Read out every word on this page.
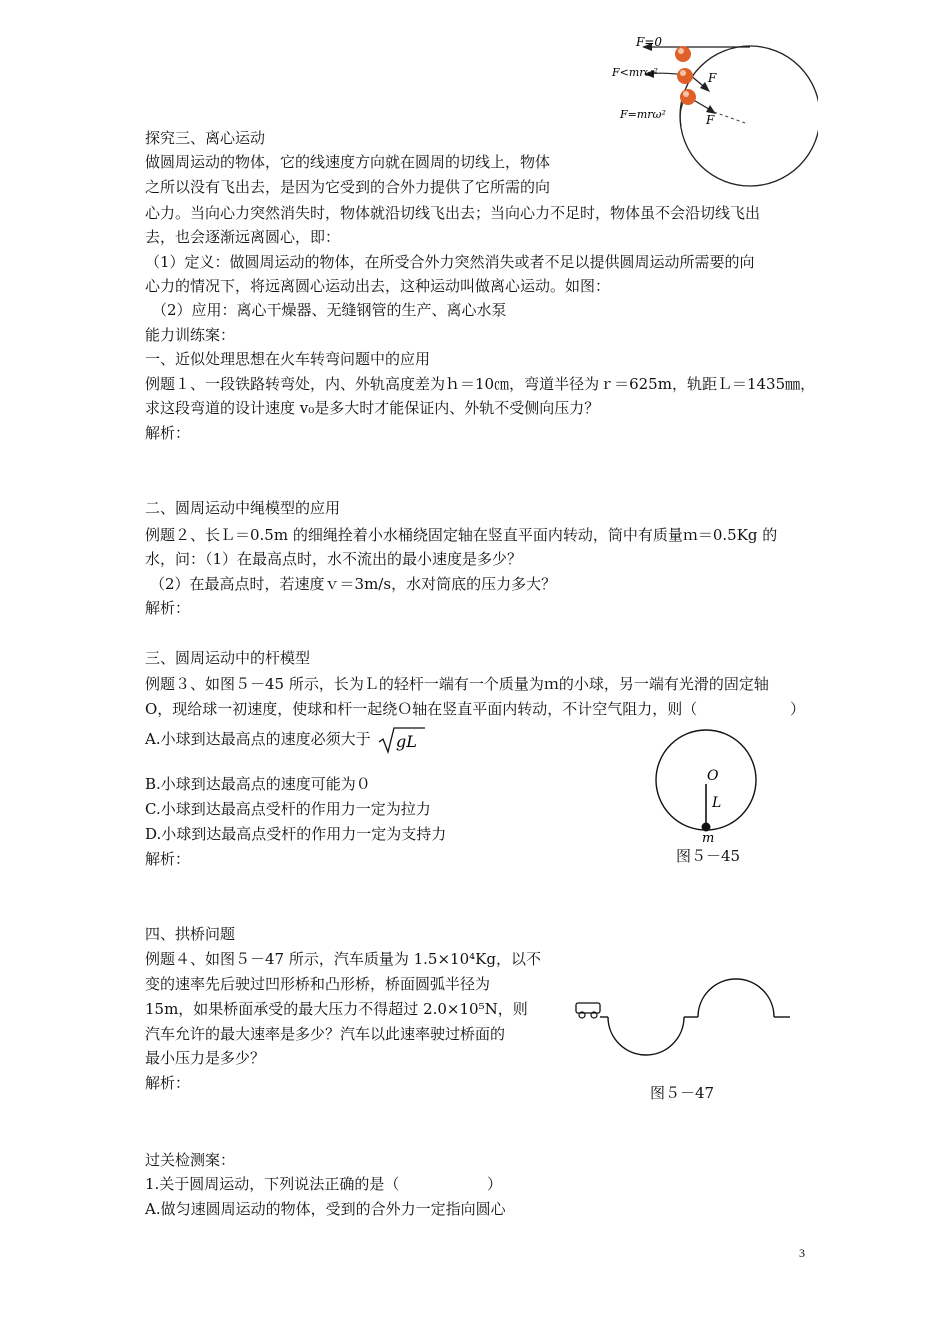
F=0
F<mrω²
F=mrω²
F
F
探究三、离心运动
做圆周运动的物体，它的线速度方向就在圆周的切线上，物体
之所以没有飞出去，是因为它受到的合外力提供了它所需的向
心力。当向心力突然消失时，物体就沿切线飞出去；当向心力不足时，物体虽不会沿切线飞出
去，也会逐渐远离圆心，即：
（1）定义：做圆周运动的物体，在所受合外力突然消失或者不足以提供圆周运动所需要的向
心力的情况下，将远离圆心运动出去，这种运动叫做离心运动。如图：
（2）应用：离心干燥器、无缝钢管的生产、离心水泵
能力训练案：
一、近似处理思想在火车转弯问题中的应用
例题１、一段铁路转弯处，内、外轨高度差为ｈ＝10㎝，弯道半径为ｒ＝625m，轨距Ｌ＝1435㎜，
求这段弯道的设计速度 v₀是多大时才能保证内、外轨不受侧向压力？
解析：
二、圆周运动中绳模型的应用
例题２、长Ｌ＝0.5m 的细绳拴着小水桶绕固定轴在竖直平面内转动，筒中有质量ｍ＝0.5Kg 的
水，问：（1）在最高点时，水不流出的最小速度是多少？
（2）在最高点时，若速度ｖ＝3m/s，水对筒底的压力多大？
解析：
三、圆周运动中的杆模型
例题３、如图５－45 所示，长为Ｌ的轻杆一端有一个质量为ｍ的小球，另一端有光滑的固定轴
O，现给球一初速度，使球和杆一起绕Ｏ轴在竖直平面内转动，不计空气阻力，则（	）
A.小球到达最高点的速度必须大于 gL
B.小球到达最高点的速度可能为０
C.小球到达最高点受杆的作用力一定为拉力
D.小球到达最高点受杆的作用力一定为支持力
解析：
O
L
m
图５－45
四、拱桥问题
例题４、如图５－47 所示，汽车质量为 1.5×10⁴Kg，以不
变的速率先后驶过凹形桥和凸形桥，桥面圆弧半径为
15m，如果桥面承受的最大压力不得超过 2.0×10⁵N，则
汽车允许的最大速率是多少？汽车以此速率驶过桥面的
最小压力是多少？
解析：
图５－47
过关检测案：
1.关于圆周运动，下列说法正确的是（	）
A.做匀速圆周运动的物体，受到的合外力一定指向圆心
3
